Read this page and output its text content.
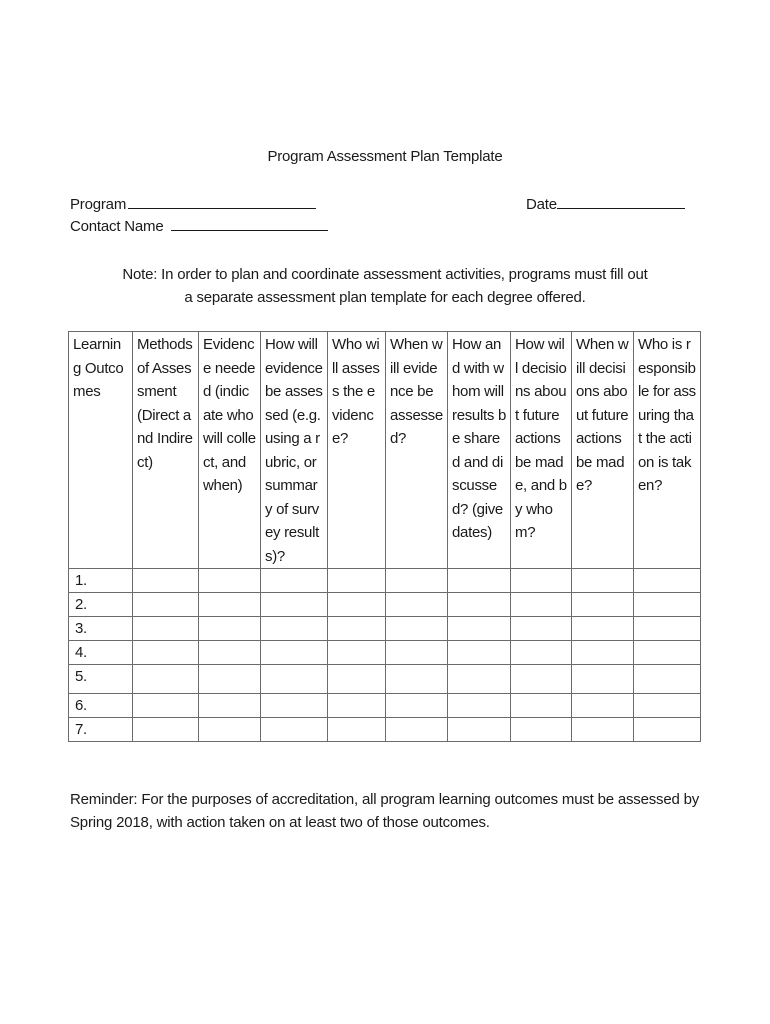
Program Assessment Plan Template
Program	Date
Contact Name
Note: In order to plan and coordinate assessment activities, programs must fill out
a separate assessment plan template for each degree offered.
Learning Outcomes	Methods of Assessment (Direct and Indirect)	Evidence needed (indicate who will collect, and when)	How will evidence be assessed (e.g. using a rubric, or summary of survey results)?	Who will assess the evidence?	When will evidence be assessed?	How and with whom will results be shared and discussed? (give dates)	How will decisions about future actions be made, and by whom?	When will decisions about future actions be made?	Who is responsible for assuring that the action is taken?
1.									
2.									
3.									
4.									
5.									
6.									
7.									
Reminder: For the purposes of accreditation, all program learning outcomes must be assessed by Spring 2018, with action taken on at least two of those outcomes.
